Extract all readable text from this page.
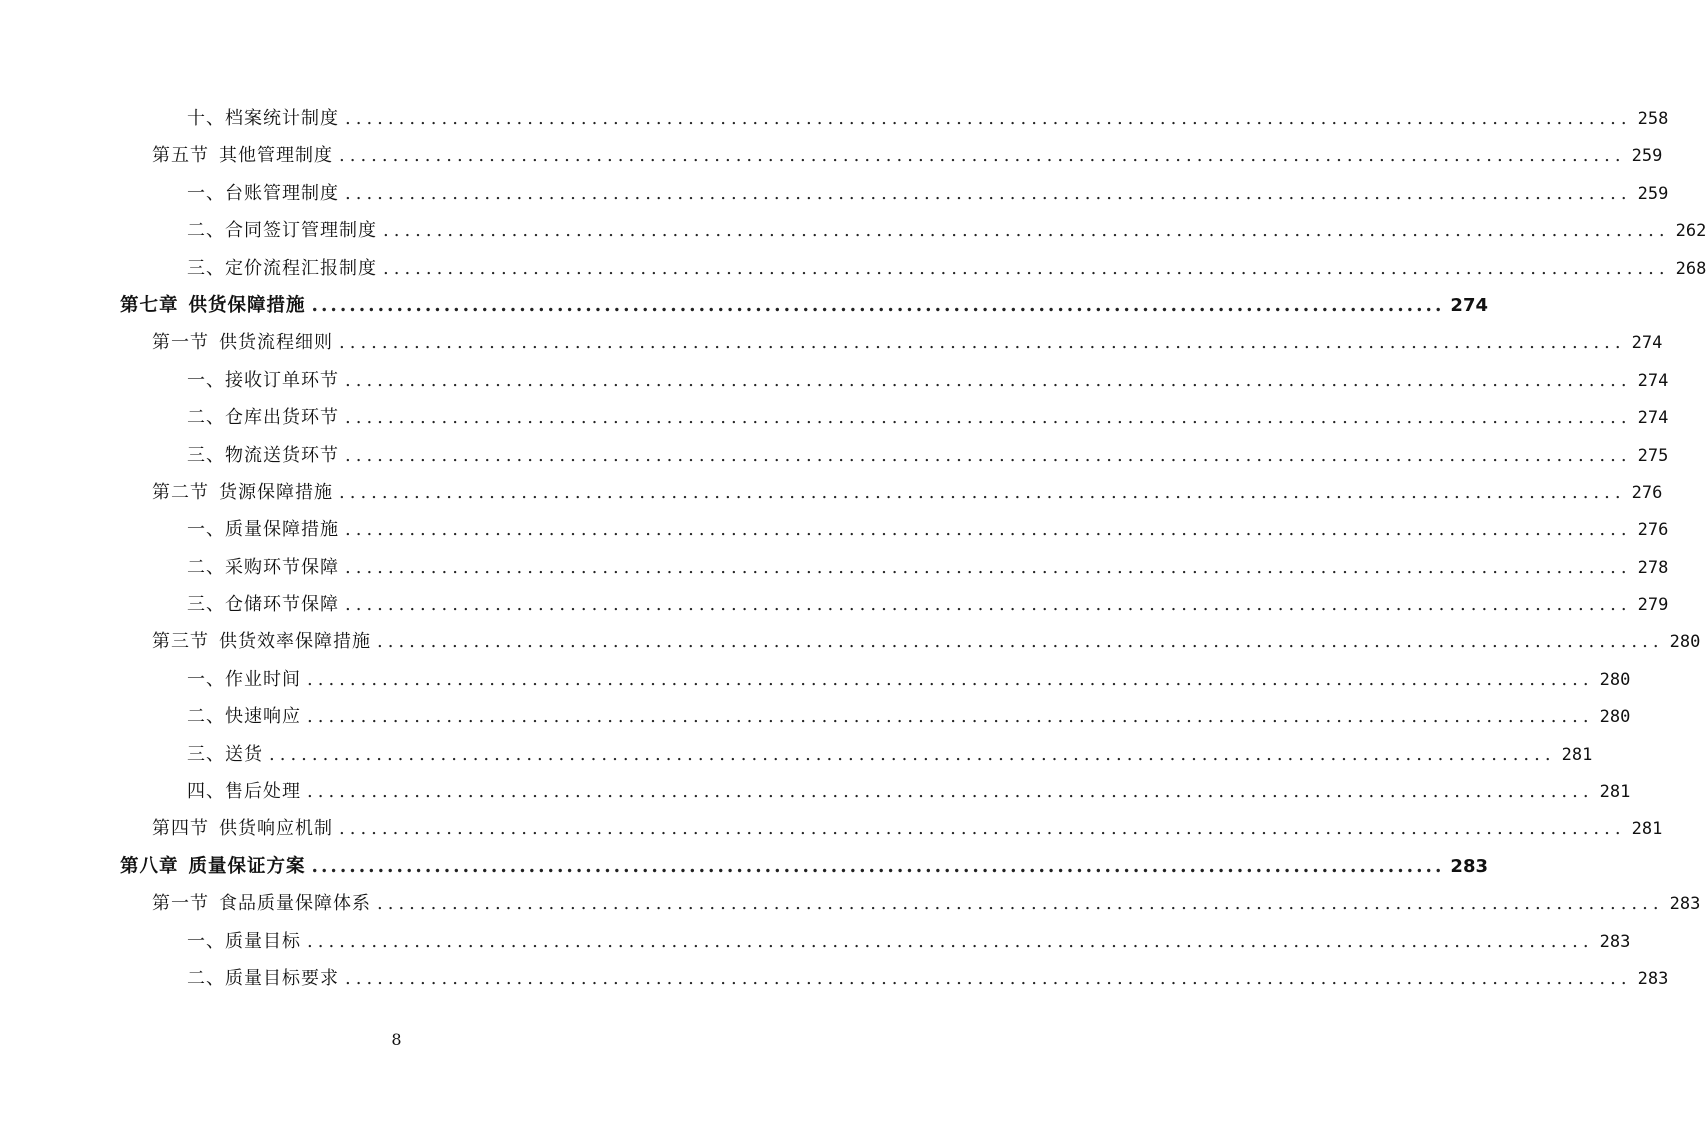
十、档案统计制度 ........................................................................................................................ 258
第五节 其他管理制度 ........................................................................................................................ 259
一、台账管理制度 ........................................................................................................................ 259
二、合同签订管理制度 ........................................................................................................................ 262
三、定价流程汇报制度 ........................................................................................................................ 268
第七章 供货保障措施 ........................................................................................................................ 274
第一节 供货流程细则 ........................................................................................................................ 274
一、接收订单环节 ........................................................................................................................ 274
二、仓库出货环节 ........................................................................................................................ 274
三、物流送货环节 ........................................................................................................................ 275
第二节 货源保障措施 ........................................................................................................................ 276
一、质量保障措施 ........................................................................................................................ 276
二、采购环节保障 ........................................................................................................................ 278
三、仓储环节保障 ........................................................................................................................ 279
第三节 供货效率保障措施 ........................................................................................................................ 280
一、作业时间 ........................................................................................................................ 280
二、快速响应 ........................................................................................................................ 280
三、送货 ........................................................................................................................ 281
四、售后处理 ........................................................................................................................ 281
第四节 供货响应机制 ........................................................................................................................ 281
第八章 质量保证方案 ........................................................................................................................ 283
第一节 食品质量保障体系 ........................................................................................................................ 283
一、质量目标 ........................................................................................................................ 283
二、质量目标要求 ........................................................................................................................ 283
8
